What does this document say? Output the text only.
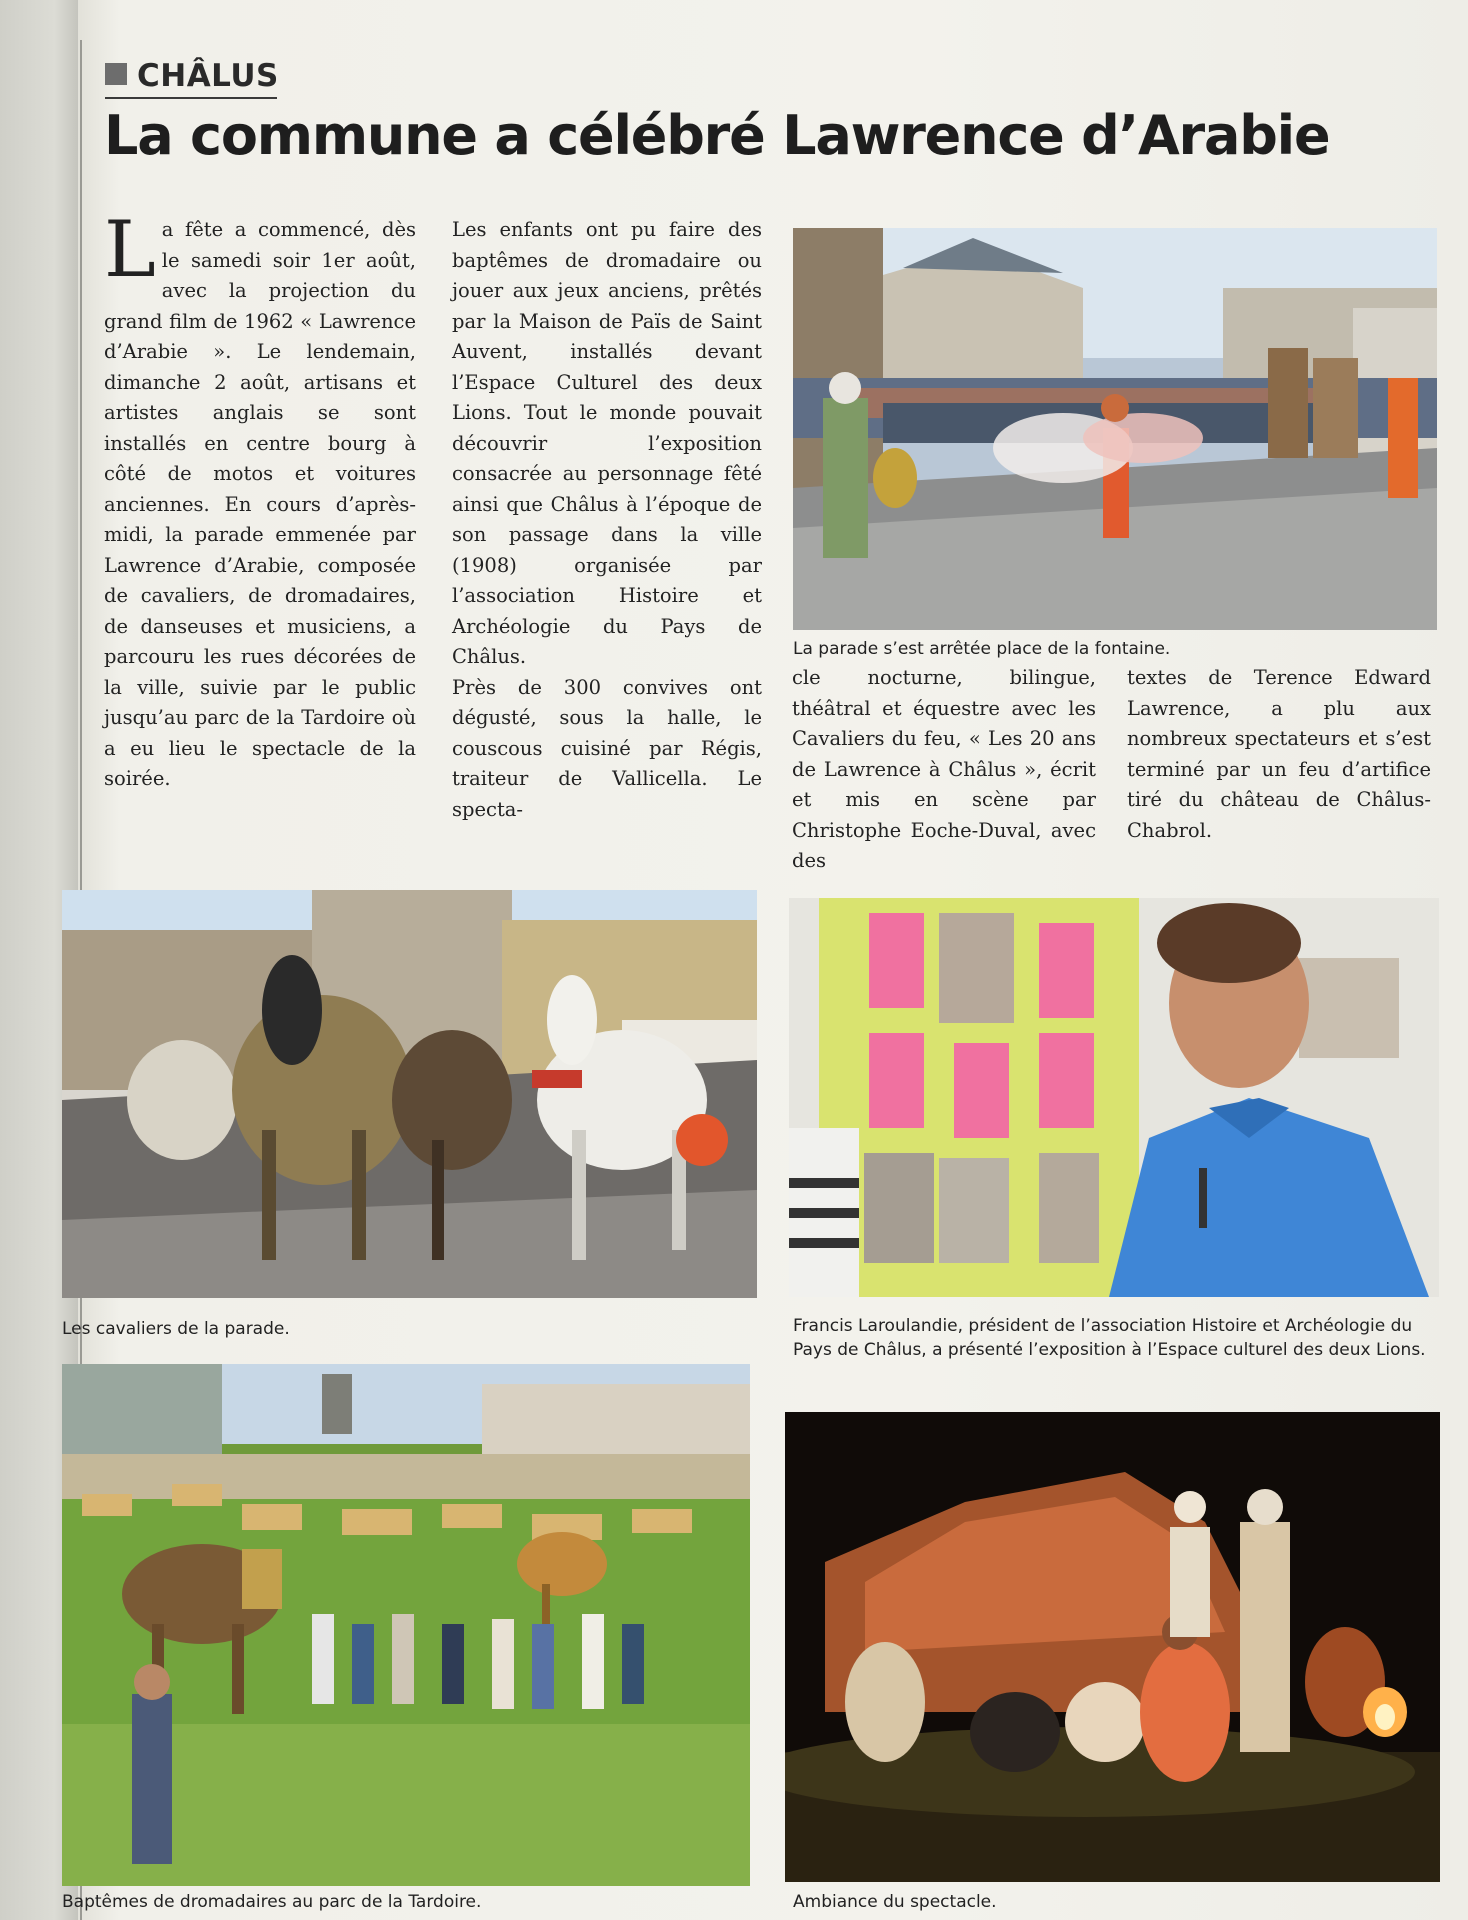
CHÂLUS
La commune a célébré Lawrence d’Arabie

La fête a commencé, dès le samedi soir 1er août, avec la projection du grand film de 1962 « Lawrence d’Arabie ». Le lendemain, dimanche 2 août, artisans et artistes anglais se sont installés en centre bourg à côté de motos et voitures anciennes. En cours d’après-midi, la parade emmenée par Lawrence d’Arabie, composée de cavaliers, de dromadaires, de danseuses et musiciens, a parcouru les rues décorées de la ville, suivie par le public jusqu’au parc de la Tardoire où a eu lieu le spectacle de la soirée.

Les enfants ont pu faire des baptêmes de dromadaire ou jouer aux jeux anciens, prêtés par la Maison de Païs de Saint Auvent, installés devant l’Espace Culturel des deux Lions. Tout le monde pouvait découvrir l’exposition consacrée au personnage fêté ainsi que Châlus à l’époque de son passage dans la ville (1908) organisée par l’association Histoire et Archéologie du Pays de Châlus.

Près de 300 convives ont dégusté, sous la halle, le couscous cuisiné par Régis, traiteur de Vallicella. Le specta-

cle nocturne, bilingue, théâtral et équestre avec les Cavaliers du feu, « Les 20 ans de Lawrence à Châlus », écrit et mis en scène par Christophe Eoche-Duval, avec des

textes de Terence Edward Lawrence, a plu aux nombreux spectateurs et s’est terminé par un feu d’artifice tiré du château de Châlus-Chabrol.

La parade s’est arrêtée place de la fontaine.
Les cavaliers de la parade.	Francis Laroulandie, président de l’association Histoire et Archéologie du Pays de Châlus, a présenté l’exposition à l’Espace culturel des deux Lions.
Baptêmes de dromadaires au parc de la Tardoire.	Ambiance du spectacle.
